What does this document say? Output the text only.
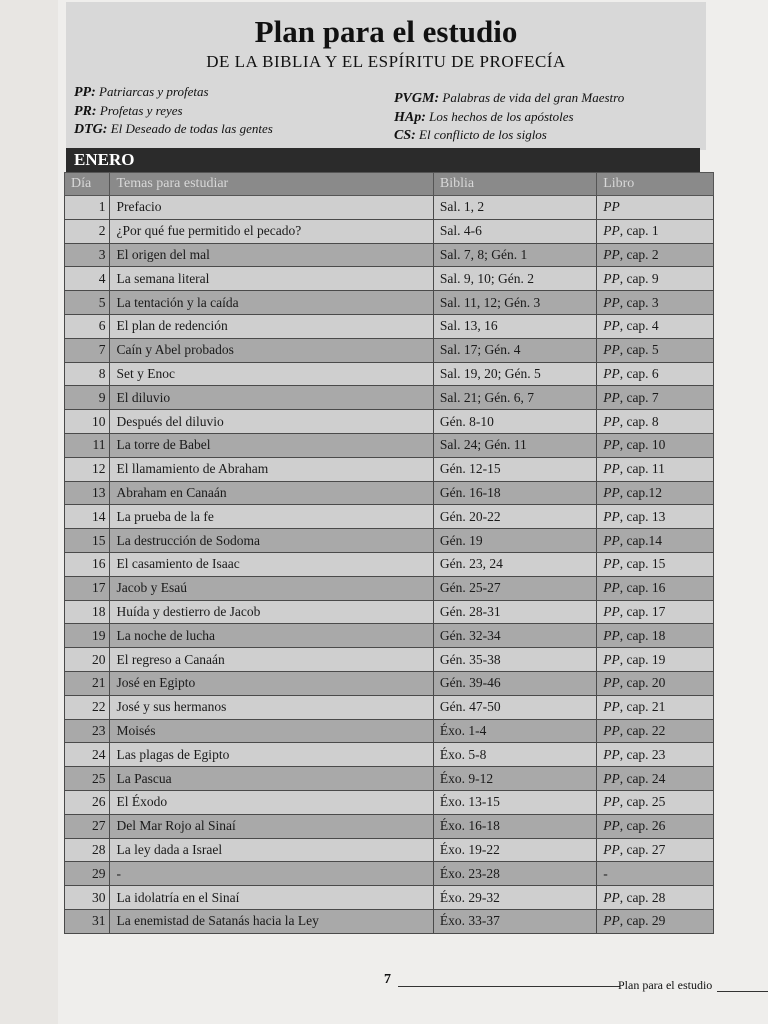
Plan para el estudio
DE LA BIBLIA Y EL ESPÍRITU DE PROFECÍA
PP: Patriarcas y profetas
PR: Profetas y reyes
DTG: El Deseado de todas las gentes
PVGM: Palabras de vida del gran Maestro
HAp: Los hechos de los apóstoles
CS: El conflicto de los siglos
ENERO
Día	Temas para estudiar	Biblia	Libro
1	Prefacio	Sal. 1, 2	PP
2	¿Por qué fue permitido el pecado?	Sal. 4-6	PP, cap. 1
3	El origen del mal	Sal. 7, 8; Gén. 1	PP, cap. 2
4	La semana literal	Sal. 9, 10; Gén. 2	PP, cap. 9
5	La tentación y la caída	Sal. 11, 12; Gén. 3	PP, cap. 3
6	El plan de redención	Sal. 13, 16	PP, cap. 4
7	Caín y Abel probados	Sal. 17; Gén. 4	PP, cap. 5
8	Set y Enoc	Sal. 19, 20; Gén. 5	PP, cap. 6
9	El diluvio	Sal. 21; Gén. 6, 7	PP, cap. 7
10	Después del diluvio	Gén. 8-10	PP, cap. 8
11	La torre de Babel	Sal. 24; Gén. 11	PP, cap. 10
12	El llamamiento de Abraham	Gén. 12-15	PP, cap. 11
13	Abraham en Canaán	Gén. 16-18	PP, cap.12
14	La prueba de la fe	Gén. 20-22	PP, cap. 13
15	La destrucción de Sodoma	Gén. 19	PP, cap.14
16	El casamiento de Isaac	Gén. 23, 24	PP, cap. 15
17	Jacob y Esaú	Gén. 25-27	PP, cap. 16
18	Huída y destierro de Jacob	Gén. 28-31	PP, cap. 17
19	La noche de lucha	Gén. 32-34	PP, cap. 18
20	El regreso a Canaán	Gén. 35-38	PP, cap. 19
21	José en Egipto	Gén. 39-46	PP, cap. 20
22	José y sus hermanos	Gén. 47-50	PP, cap. 21
23	Moisés	Éxo. 1-4	PP, cap. 22
24	Las plagas de Egipto	Éxo. 5-8	PP, cap. 23
25	La Pascua	Éxo. 9-12	PP, cap. 24
26	El Éxodo	Éxo. 13-15	PP, cap. 25
27	Del Mar Rojo al Sinaí	Éxo. 16-18	PP, cap. 26
28	La ley dada a Israel	Éxo. 19-22	PP, cap. 27
29	-	Éxo. 23-28	-
30	La idolatría en el Sinaí	Éxo. 29-32	PP, cap. 28
31	La enemistad de Satanás hacia la Ley	Éxo. 33-37	PP, cap. 29
7	Plan para el estudio
